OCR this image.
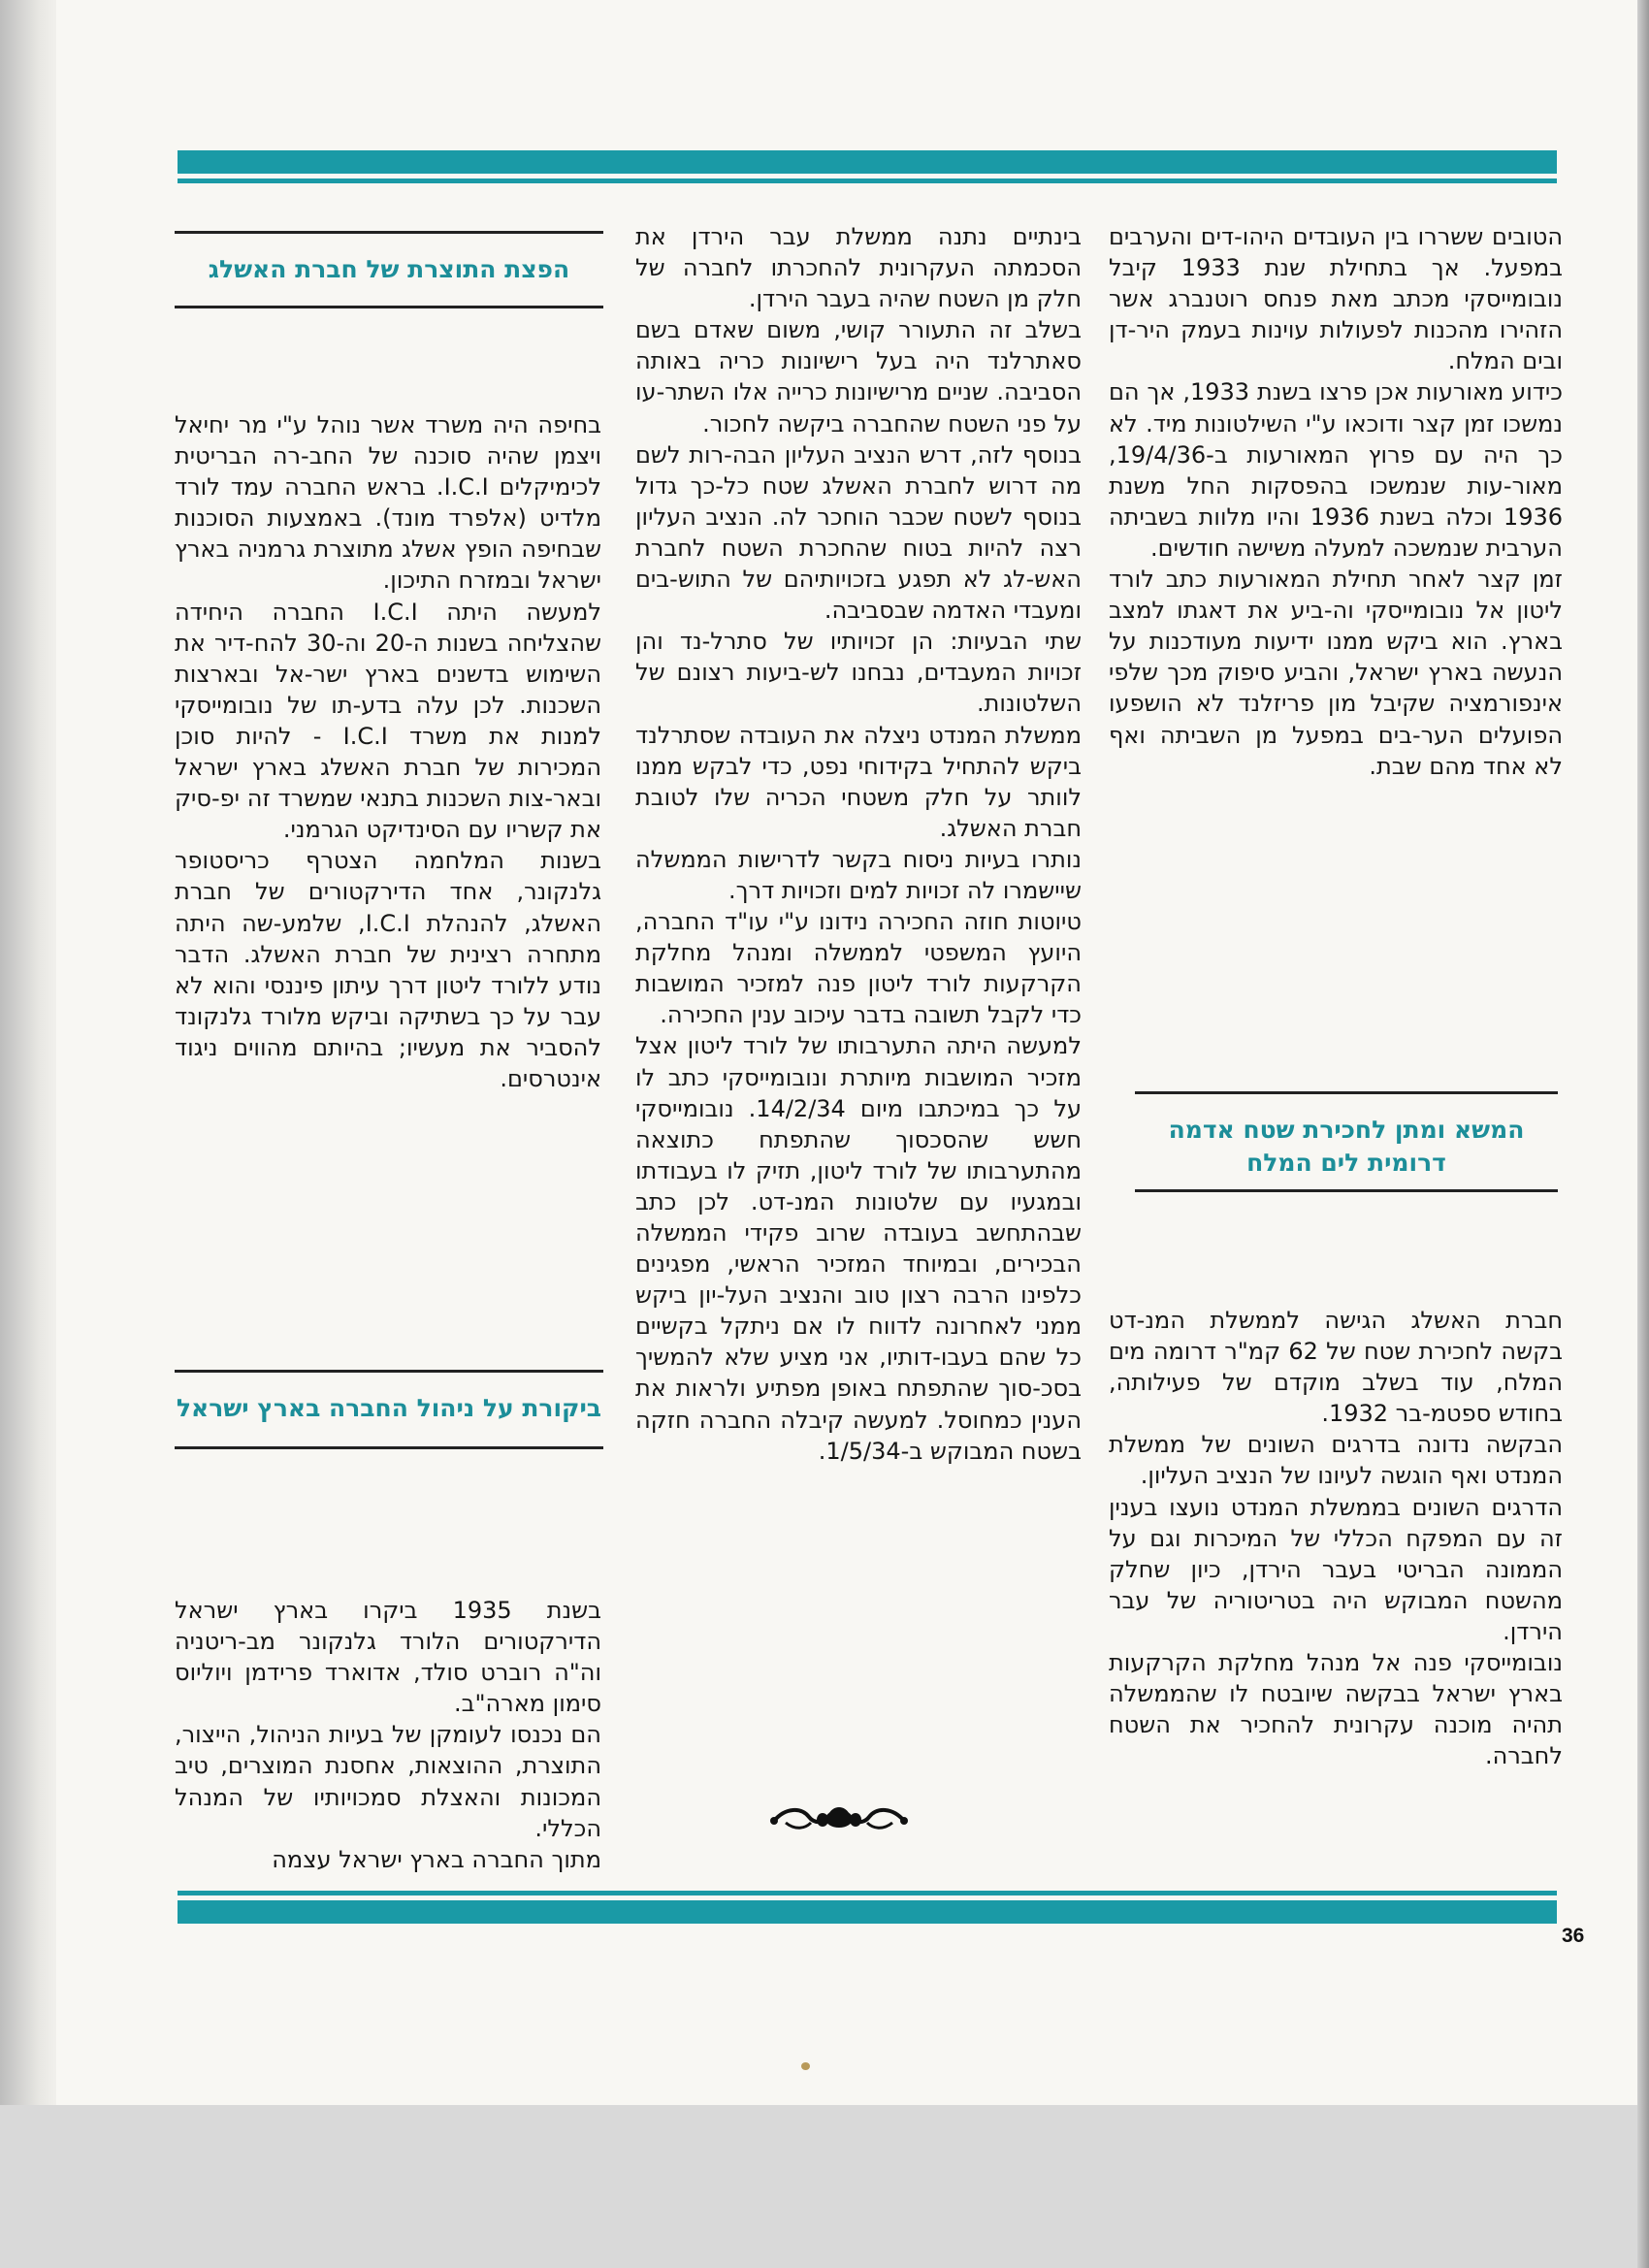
הטובים ששררו בין העובדים היהו-דים והערבים במפעל. אך בתחילת שנת 1933 קיבל נובומייסקי מכתב מאת פנחס רוטנברג אשר הזהירו מהכנות לפעולות עוינות בעמק היר-דן ובים המלח.

כידוע מאורעות אכן פרצו בשנת 1933, אך הם נמשכו זמן קצר ודוכאו ע"י השילטונות מיד. לא כך היה עם פרוץ המאורעות ב-19/4/36, מאור-עות שנמשכו בהפסקות החל משנת 1936 וכלה בשנת 1936 והיו מלוות בשביתה הערבית שנמשכה למעלה משישה חודשים.

זמן קצר לאחר תחילת המאורעות כתב לורד ליטון אל נובומייסקי וה-ביע את דאגתו למצב בארץ. הוא ביקש ממנו ידיעות מעודכנות על הנעשה בארץ ישראל, והביע סיפוק מכך שלפי אינפורמציה שקיבל מון פריזלנד לא הושפעו הפועלים הער-בים במפעל מן השביתה ואף לא אחד מהם שבת.

המשא ומתן לחכירת שטח אדמה דרומית לים המלח

חברת האשלג הגישה לממשלת המנ-דט בקשה לחכירת שטח של 62 קמ"ר דרומה מים המלח, עוד בשלב מוקדם של פעילותה, בחודש ספטמ-בר 1932.

הבקשה נדונה בדרגים השונים של ממשלת המנדט ואף הוגשה לעיונו של הנציב העליון.

הדרגים השונים בממשלת המנדט נועצו בענין זה עם המפקח הכללי של המיכרות וגם על הממונה הבריטי בעבר הירדן, כיון שחלק מהשטח המבוקש היה בטריטוריה של עבר הירדן.

נובומייסקי פנה אל מנהל מחלקת הקרקעות בארץ ישראל בבקשה שיובטח לו שהממשלה תהיה מוכנה עקרונית להחכיר את השטח לחברה.

בינתיים נתנה ממשלת עבר הירדן את הסכמתה העקרונית להחכרתו לחברה של חלק מן השטח שהיה בעבר הירדן.

בשלב זה התעורר קושי, משום שאדם בשם סאתרלנד היה בעל רישיונות כריה באותה הסביבה. שניים מרישיונות כרייה אלו השתר-עו על פני השטח שהחברה ביקשה לחכור.

בנוסף לזה, דרש הנציב העליון הבה-רות לשם מה דרוש לחברת האשלג שטח כל-כך גדול בנוסף לשטח שכבר הוחכר לה. הנציב העליון רצה להיות בטוח שהחכרת השטח לחברת האש-לג לא תפגע בזכויותיהם של התוש-בים ומעבדי האדמה שבסביבה.

שתי הבעיות: הן זכויותיו של סתרל-נד והן זכויות המעבדים, נבחנו לש-ביעות רצונם של השלטונות.

ממשלת המנדט ניצלה את העובדה שסתרלנד ביקש להתחיל בקידוחי נפט, כדי לבקש ממנו לוותר על חלק משטחי הכריה שלו לטובת חברת האשלג.

נותרו בעיות ניסוח בקשר לדרישות הממשלה שיישמרו לה זכויות למים וזכויות דרך.

טיוטות חוזה החכירה נידונו ע"י עו"ד החברה, היועץ המשפטי לממשלה ומנהל מחלקת הקרקעות לורד ליטון פנה למזכיר המושבות כדי לקבל תשובה בדבר עיכוב ענין החכירה.

למעשה היתה התערבותו של לורד ליטון אצל מזכיר המושבות מיותרת ונובומייסקי כתב לו על כך במיכתבו מיום 14/2/34. נובומייסקי חשש שהסכסוך שהתפתח כתוצאה מהתערבותו של לורד ליטון, תזיק לו בעבודתו ובמגעיו עם שלטונות המנ-דט. לכן כתב שבהתחשב בעובדה שרוב פקידי הממשלה הבכירים, ובמיוחד המזכיר הראשי, מפגינים כלפינו הרבה רצון טוב והנציב העל-יון ביקש ממני לאחרונה לדווח לו אם ניתקל בקשיים כל שהם בעבו-דותיו, אני מציע שלא להמשיך בסכ-סוך שהתפתח באופן מפתיע ולראות את הענין כמחוסל. למעשה קיבלה החברה חזקה בשטח המבוקש ב-1/5/34.

הפצת התוצרת של חברת האשלג

בחיפה היה משרד אשר נוהל ע"י מר יחיאל ויצמן שהיה סוכנה של החב-רה הבריטית לכימיקלים I.C.I. בראש החברה עמד לורד מלדיט (אלפרד מונד). באמצעות הסוכנות שבחיפה הופץ אשלג מתוצרת גרמניה בארץ ישראל ובמזרח התיכון.

למעשה היתה I.C.I החברה היחידה שהצליחה בשנות ה-20 וה-30 להח-דיר את השימוש בדשנים בארץ ישר-אל ובארצות השכנות. לכן עלה בדע-תו של נובומייסקי למנות את משרד I.C.I - להיות סוכן המכירות של חברת האשלג בארץ ישראל ובאר-צות השכנות בתנאי שמשרד זה יפ-סיק את קשריו עם הסינדיקט הגרמני.

בשנות המלחמה הצטרף כריסטופר גלנקונר, אחד הדירקטורים של חברת האשלג, להנהלת I.C.I, שלמע-שה היתה מתחרה רצינית של חברת האשלג. הדבר נודע ללורד ליטון דרך עיתון פיננסי והוא לא עבר על כך בשתיקה וביקש מלורד גלנקונד להסביר את מעשיו; בהיותם מהווים ניגוד אינטרסים.

ביקורת על ניהול החברה בארץ ישראל

בשנת 1935 ביקרו בארץ ישראל הדירקטורים הלורד גלנקונר מב-ריטניה וה"ה רוברט סולד, אדוארד פרידמן ויוליוס סימון מארה"ב.

הם נכנסו לעומקן של בעיות הניהול, הייצור, התוצרת, ההוצאות, אחסנת המוצרים, טיב המכונות והאצלת סמכויותיו של המנהל הכללי.

מתוך החברה בארץ ישראל עצמה

36
